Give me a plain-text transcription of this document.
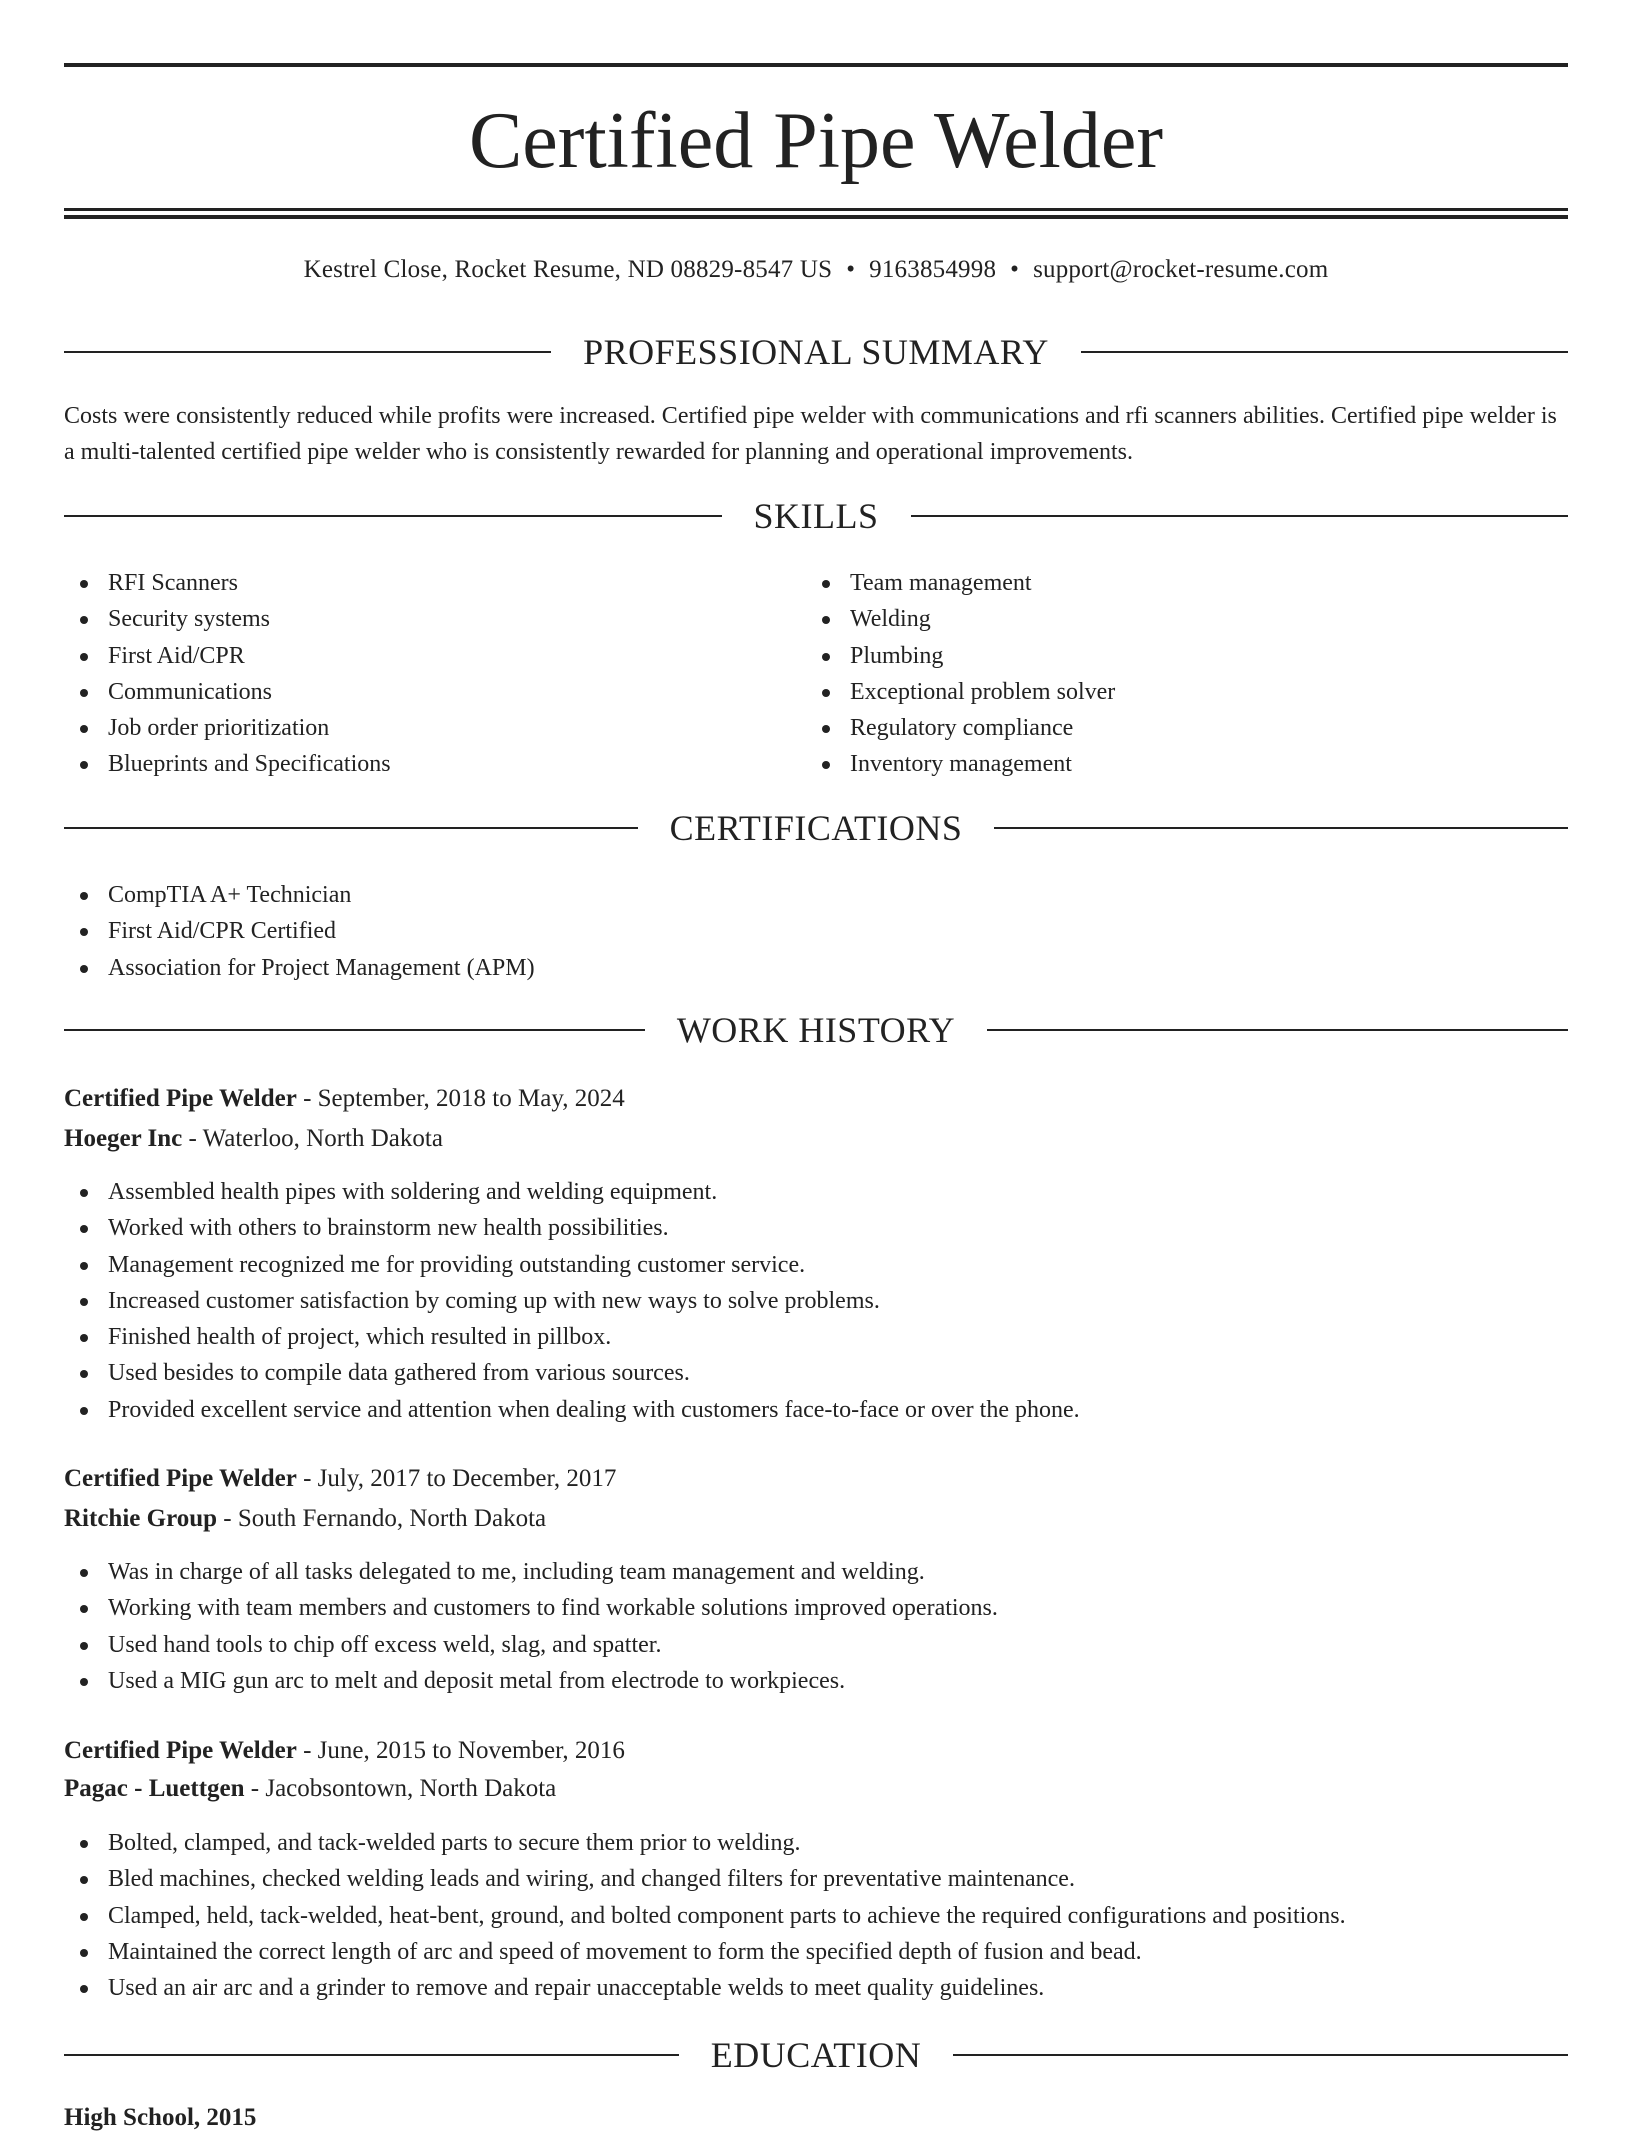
Certified Pipe Welder
Kestrel Close, Rocket Resume, ND 08829-8547 US • 9163854998 • support@rocket-resume.com
PROFESSIONAL SUMMARY

Costs were consistently reduced while profits were increased. Certified pipe welder with communications and rfi scanners abilities. Certified pipe welder is a multi-talented certified pipe welder who is consistently rewarded for planning and operational improvements.

SKILLS
RFI Scanners
Security systems
First Aid/CPR
Communications
Job order prioritization
Blueprints and Specifications
Team management
Welding
Plumbing
Exceptional problem solver
Regulatory compliance
Inventory management
CERTIFICATIONS
CompTIA A+ Technician
First Aid/CPR Certified
Association for Project Management (APM)
WORK HISTORY
Certified Pipe Welder - September, 2018 to May, 2024
Hoeger Inc - Waterloo, North Dakota
Assembled health pipes with soldering and welding equipment.
Worked with others to brainstorm new health possibilities.
Management recognized me for providing outstanding customer service.
Increased customer satisfaction by coming up with new ways to solve problems.
Finished health of project, which resulted in pillbox.
Used besides to compile data gathered from various sources.
Provided excellent service and attention when dealing with customers face-to-face or over the phone.
Certified Pipe Welder - July, 2017 to December, 2017
Ritchie Group - South Fernando, North Dakota
Was in charge of all tasks delegated to me, including team management and welding.
Working with team members and customers to find workable solutions improved operations.
Used hand tools to chip off excess weld, slag, and spatter.
Used a MIG gun arc to melt and deposit metal from electrode to workpieces.
Certified Pipe Welder - June, 2015 to November, 2016
Pagac - Luettgen - Jacobsontown, North Dakota
Bolted, clamped, and tack-welded parts to secure them prior to welding.
Bled machines, checked welding leads and wiring, and changed filters for preventative maintenance.
Clamped, held, tack-welded, heat-bent, ground, and bolted component parts to achieve the required configurations and positions.
Maintained the correct length of arc and speed of movement to form the specified depth of fusion and bead.
Used an air arc and a grinder to remove and repair unacceptable welds to meet quality guidelines.
EDUCATION
High School, 2015
